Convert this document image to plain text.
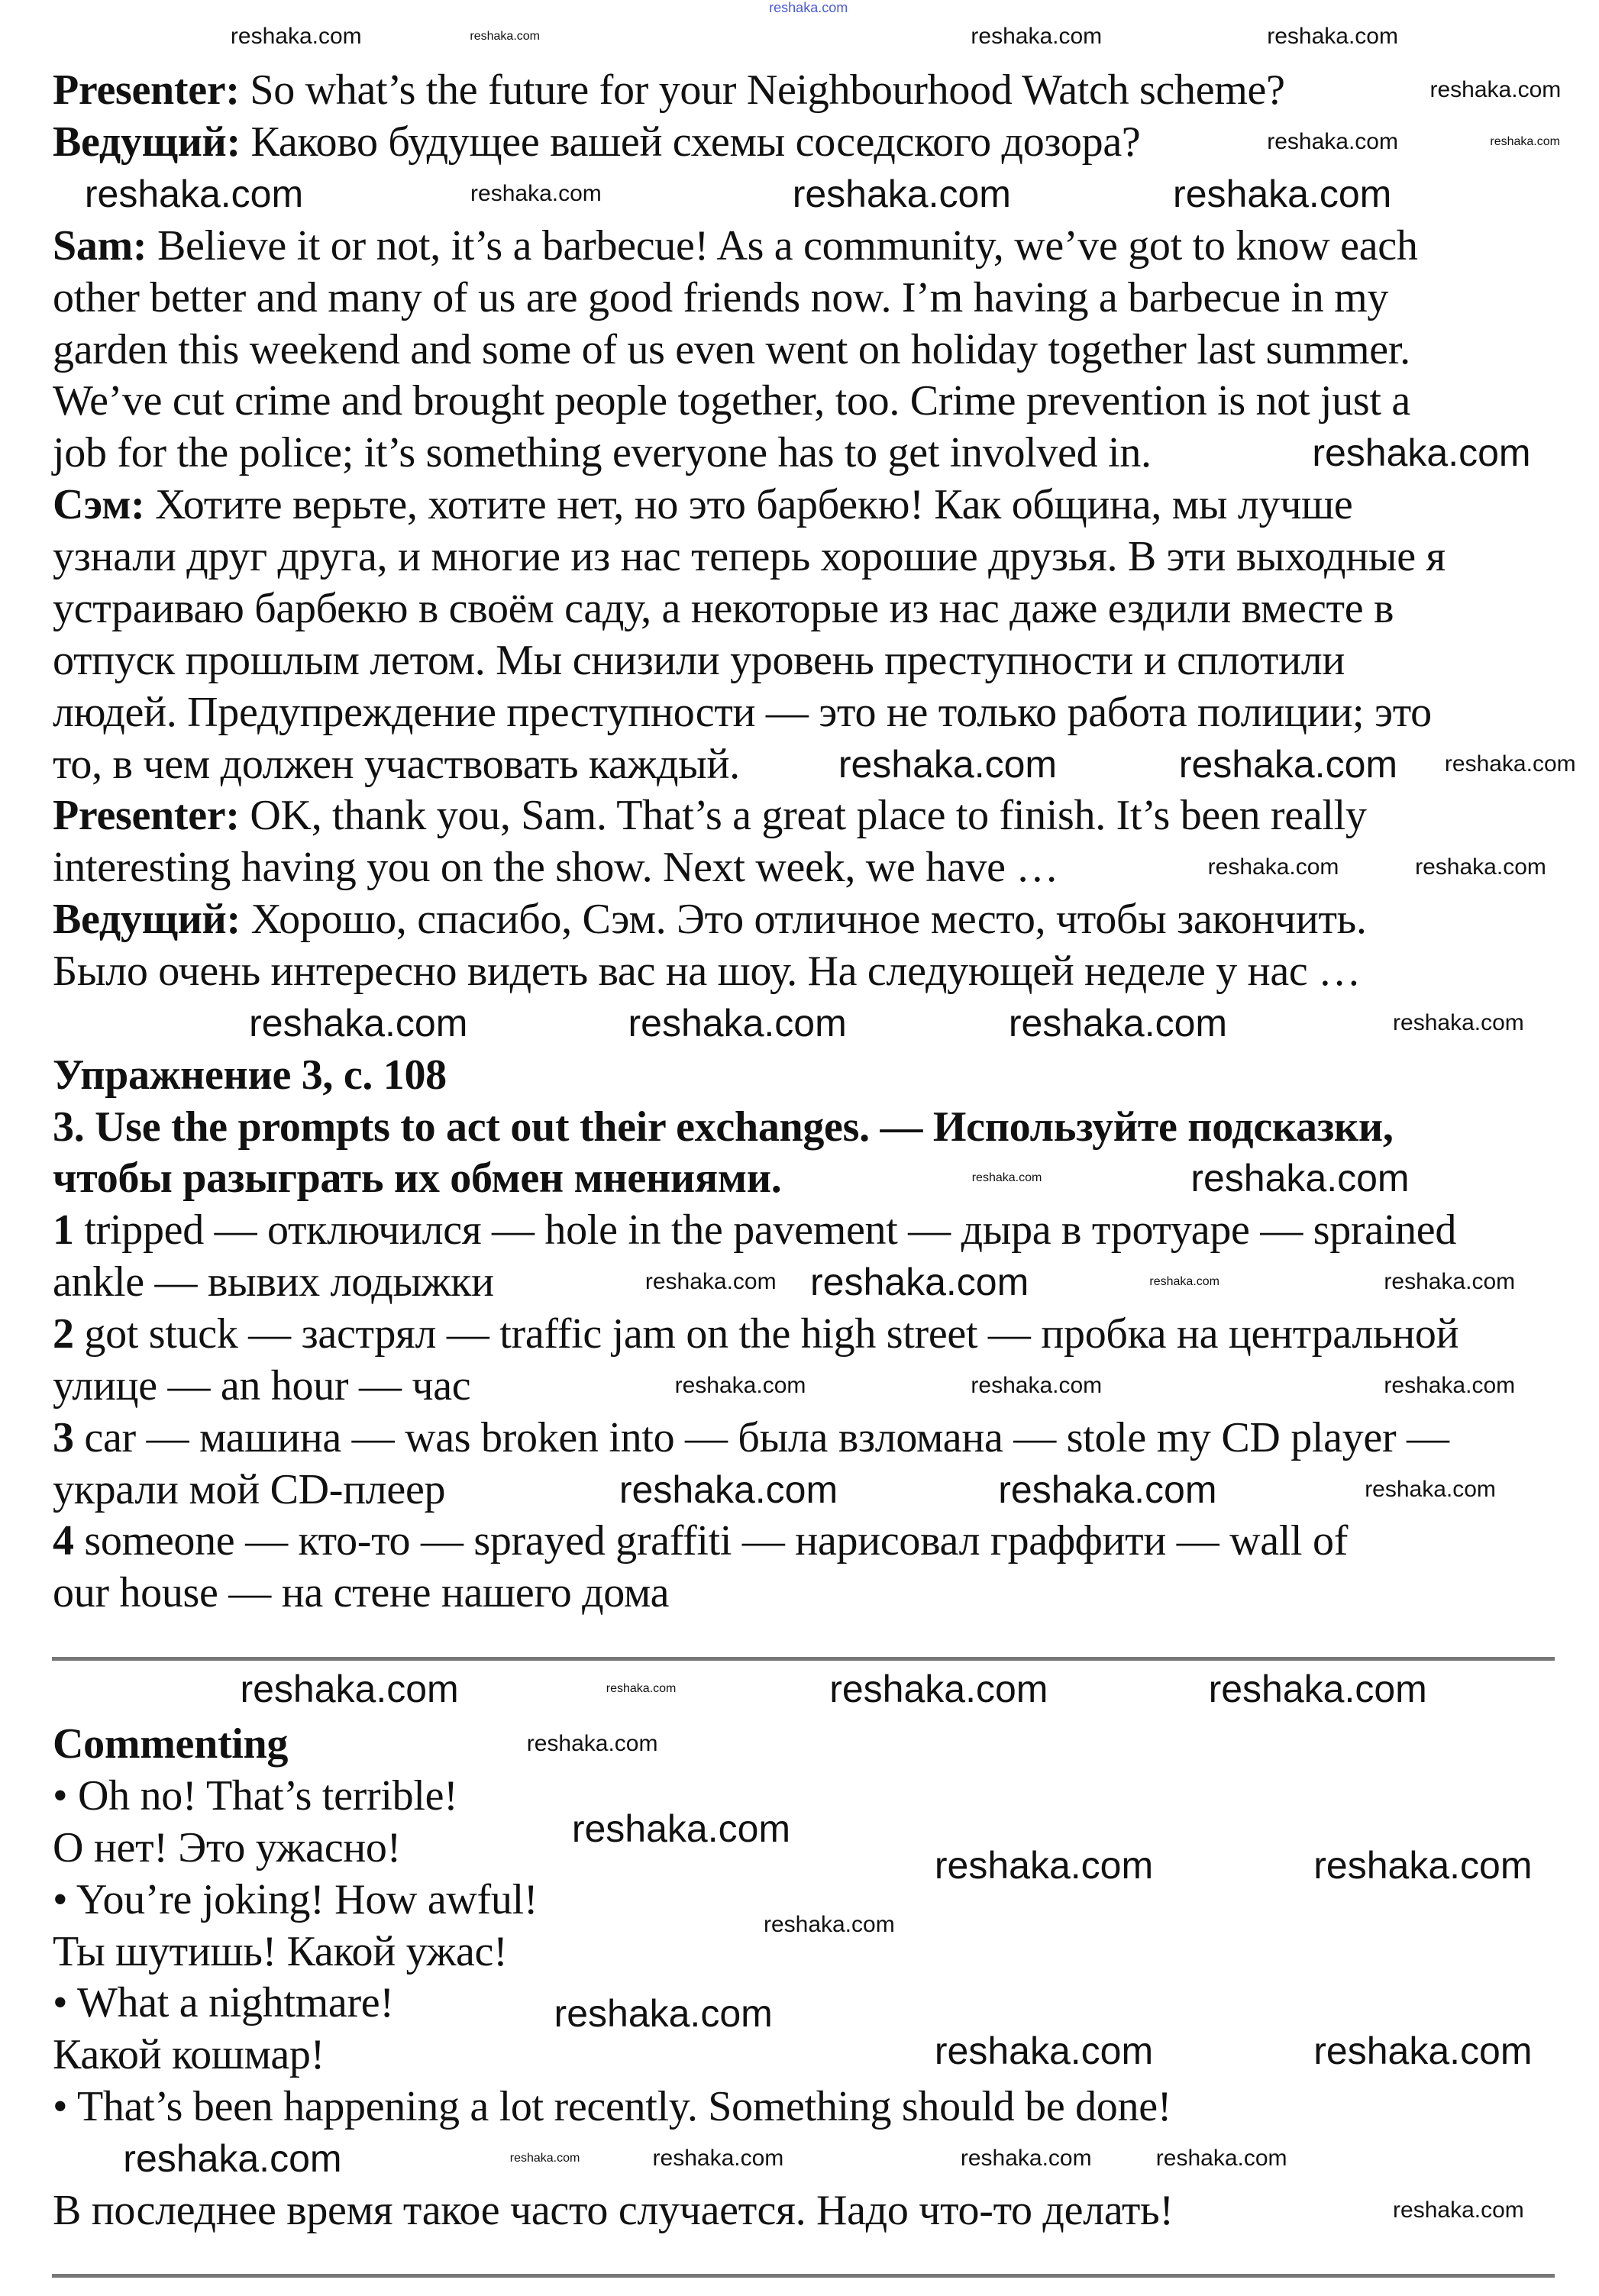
Presenter: So what’s the future for your Neighbourhood Watch scheme?
Ведущий: Каково будущее вашей схемы соседского дозора?
Sam: Believe it or not, it’s a barbecue! As a community, we’ve got to know each
other better and many of us are good friends now. I’m having a barbecue in my
garden this weekend and some of us even went on holiday together last summer.
We’ve cut crime and brought people together, too. Crime prevention is not just a
job for the police; it’s something everyone has to get involved in.
Сэм: Хотите верьте, хотите нет, но это барбекю! Как община, мы лучше
узнали друг друга, и многие из нас теперь хорошие друзья. В эти выходные я
устраиваю барбекю в своём саду, а некоторые из нас даже ездили вместе в
отпуск прошлым летом. Мы снизили уровень преступности и сплотили
людей. Предупреждение преступности — это не только работа полиции; это
то, в чем должен участвовать каждый.
Presenter: OK, thank you, Sam. That’s a great place to finish. It’s been really
interesting having you on the show. Next week, we have …
Ведущий: Хорошо, спасибо, Сэм. Это отличное место, чтобы закончить.
Было очень интересно видеть вас на шоу. На следующей неделе у нас …
Упражнение 3, с. 108
3. Use the prompts to act out their exchanges. — Используйте подсказки,
чтобы разыграть их обмен мнениями.
1 tripped — отключился — hole in the pavement — дыра в тротуаре — sprained
ankle — вывих лодыжки
2 got stuck — застрял — traffic jam on the high street — пробка на центральной
улице — an hour — час
3 car — машина — was broken into — была взломана — stole my CD player —
украли мой CD-плеер
4 someone — кто-то — sprayed graffiti — нарисовал граффити — wall of
our house — на стене нашего дома
Commenting
• Oh no! That’s terrible!
О нет! Это ужасно!
• You’re joking! How awful!
Ты шутишь! Какой ужас!
• What a nightmare!
Какой кошмар!
• That’s been happening a lot recently. Something should be done!
В последнее время такое часто случается. Надо что-то делать!
reshaka.com
reshaka.com
reshaka.com	reshaka.com
reshaka.com
reshaka.com
reshaka.com	reshaka.com
reshaka.com	reshaka.com	reshaka.com	reshaka.com
reshaka.com
reshaka.com	reshaka.com reshaka.com
reshaka.com	reshaka.com
reshaka.com	reshaka.com	reshaka.com	reshaka.com
reshaka.com
reshaka.com
reshaka.com reshaka.com	reshaka.com	reshaka.com
reshaka.com	reshaka.com	reshaka.com
reshaka.com	reshaka.com	reshaka.com
reshaka.com	reshaka.com	reshaka.com	reshaka.com
reshaka.com
reshaka.com
reshaka.com	reshaka.com
reshaka.com
reshaka.com
reshaka.com	reshaka.com
reshaka.com	reshaka.com	reshaka.com	reshaka.com	reshaka.com
reshaka.com
